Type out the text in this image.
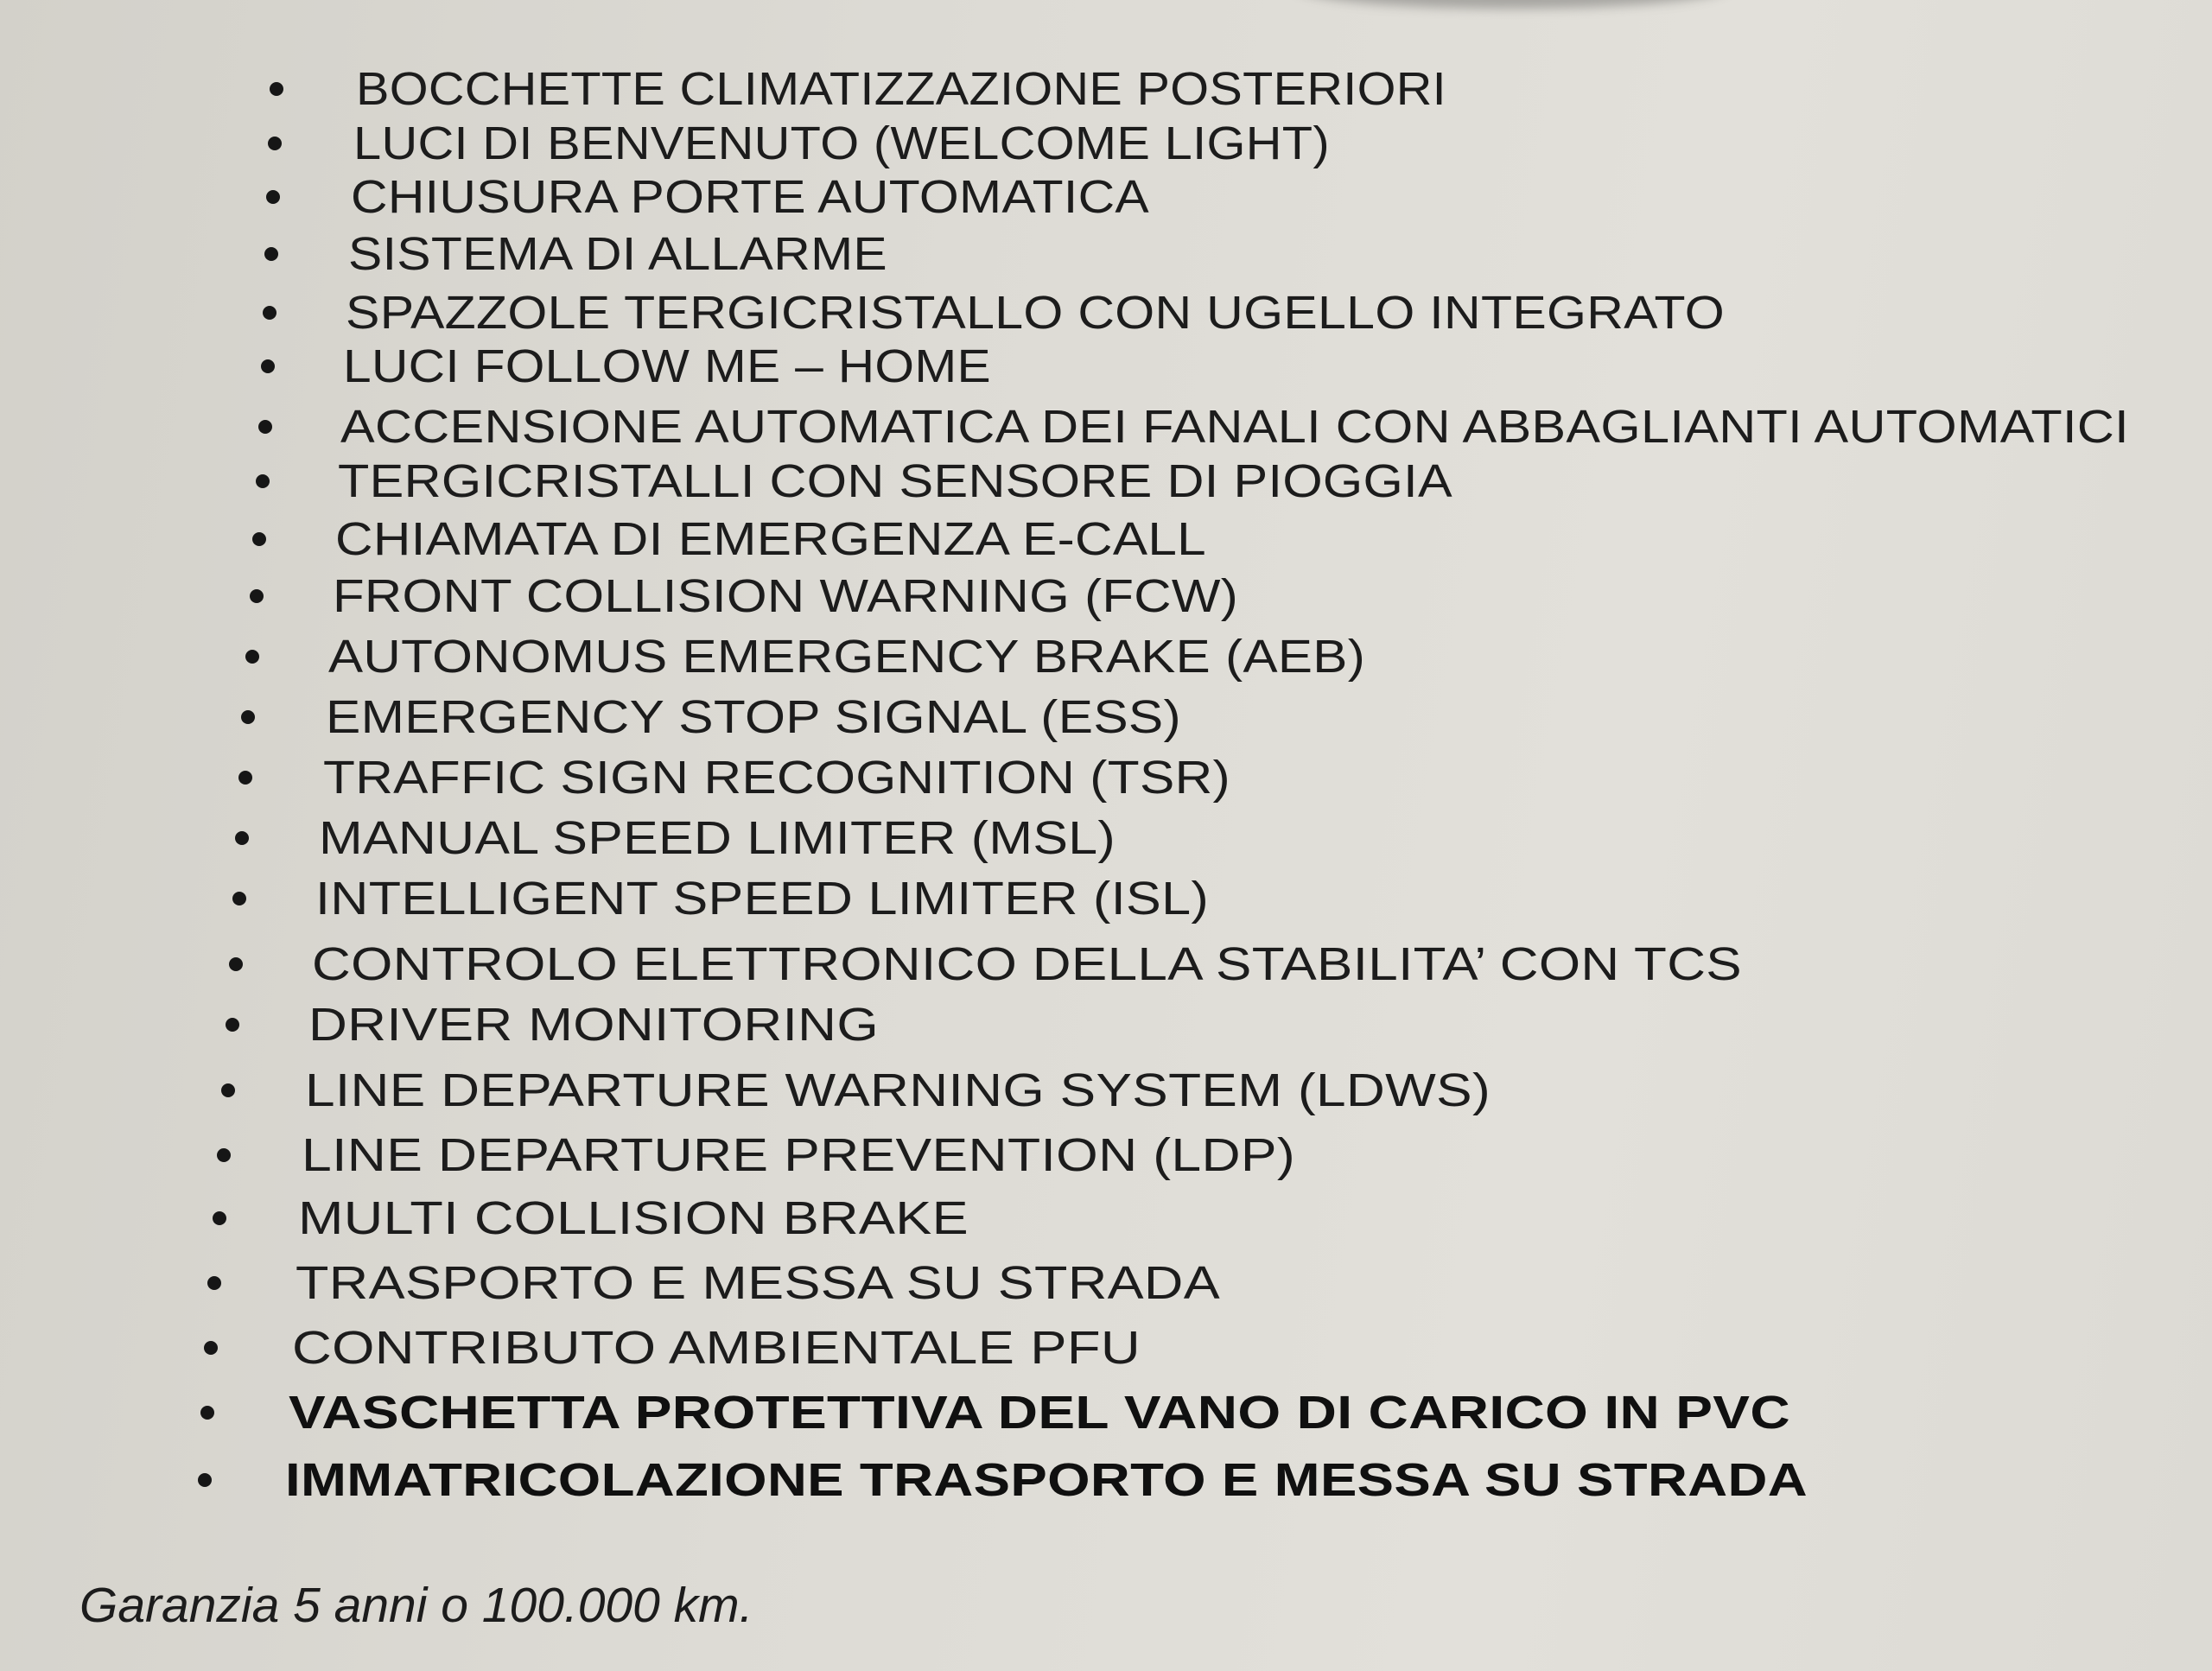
BOCCHETTE CLIMATIZZAZIONE POSTERIORI
LUCI DI BENVENUTO (WELCOME LIGHT)
CHIUSURA PORTE AUTOMATICA
SISTEMA DI ALLARME
SPAZZOLE TERGICRISTALLO CON UGELLO INTEGRATO
LUCI FOLLOW ME – HOME
ACCENSIONE AUTOMATICA DEI FANALI CON ABBAGLIANTI AUTOMATICI
TERGICRISTALLI CON SENSORE DI PIOGGIA
CHIAMATA DI EMERGENZA E-CALL
FRONT COLLISION WARNING (FCW)
AUTONOMUS EMERGENCY BRAKE (AEB)
EMERGENCY STOP SIGNAL (ESS)
TRAFFIC SIGN RECOGNITION (TSR)
MANUAL SPEED LIMITER (MSL)
INTELLIGENT SPEED LIMITER (ISL)
CONTROLO ELETTRONICO DELLA STABILITA’ CON TCS
DRIVER MONITORING
LINE DEPARTURE WARNING SYSTEM (LDWS)
LINE DEPARTURE PREVENTION (LDP)
MULTI COLLISION BRAKE
TRASPORTO E MESSA SU STRADA
CONTRIBUTO AMBIENTALE PFU
VASCHETTA PROTETTIVA DEL VANO DI CARICO IN PVC
IMMATRICOLAZIONE TRASPORTO E MESSA SU STRADA
Garanzia 5 anni o 100.000 km.
